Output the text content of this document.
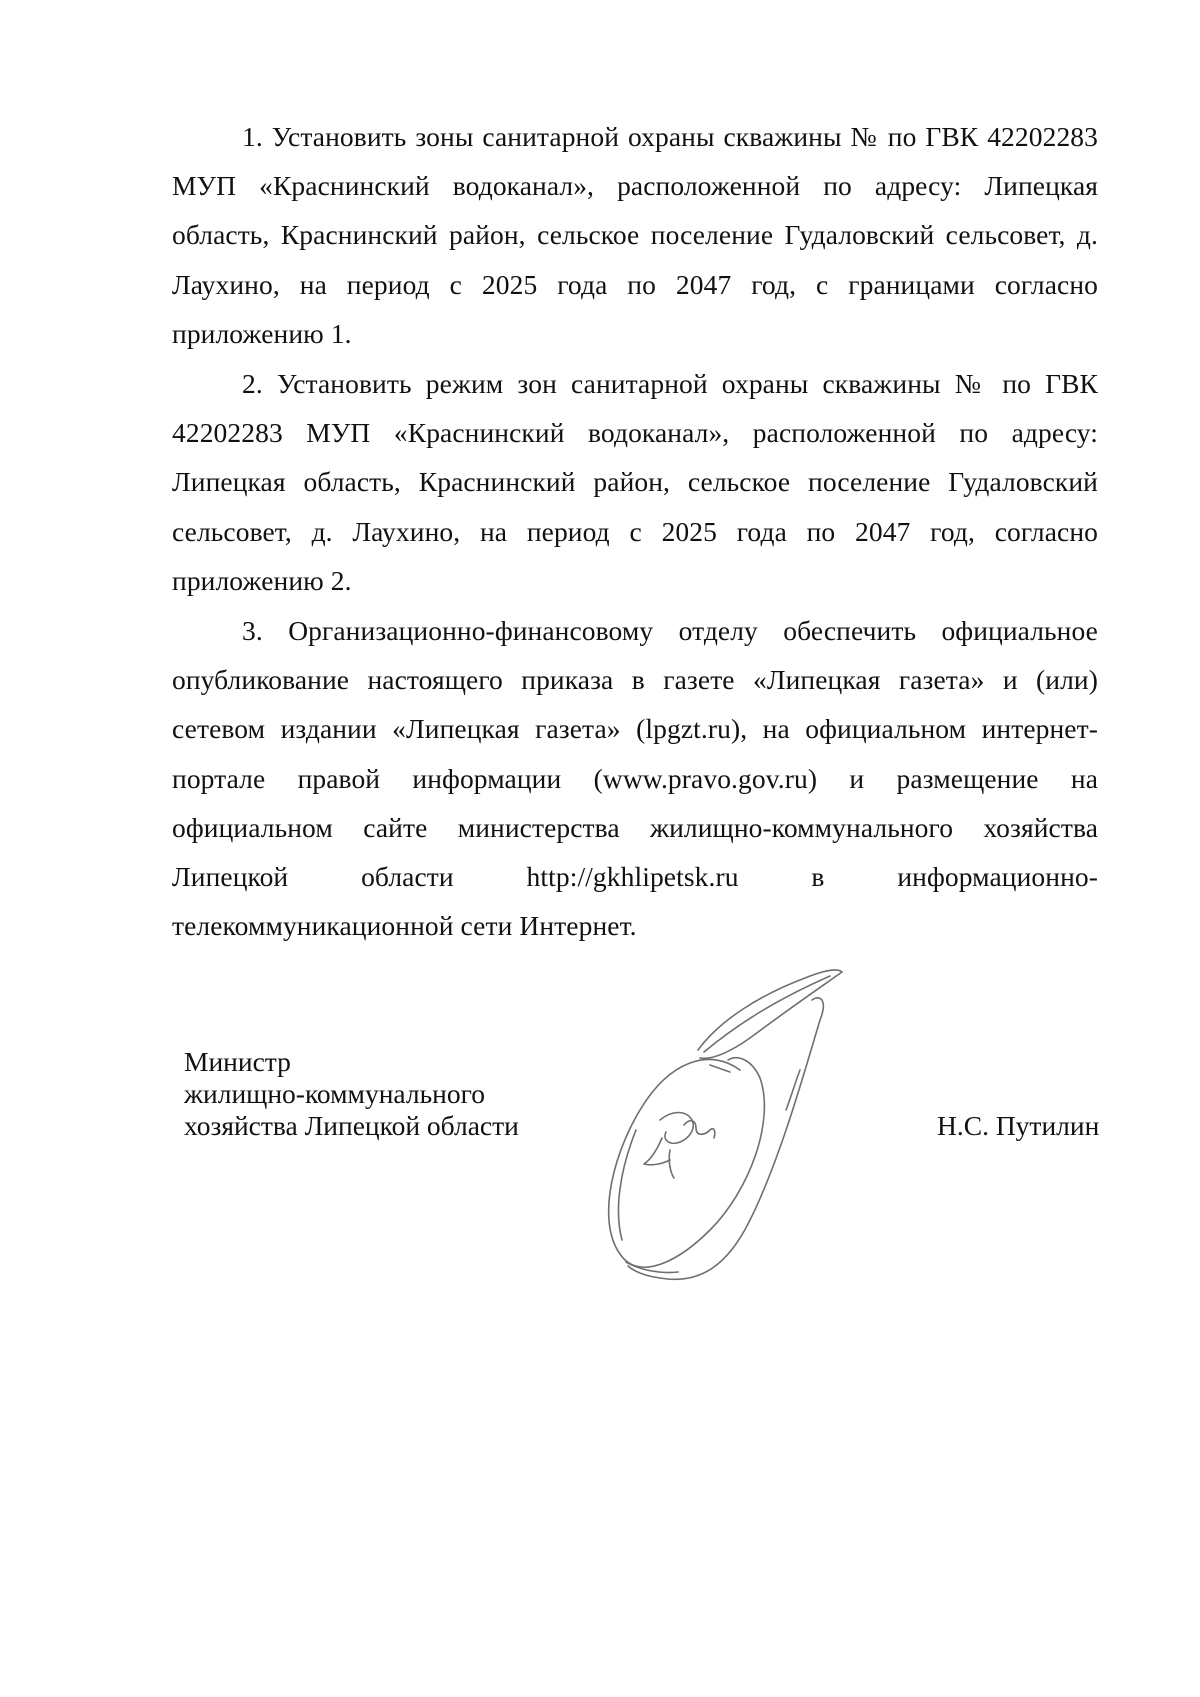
1. Установить зоны санитарной охраны скважины № по ГВК 42202283 МУП «Краснинский водоканал», расположенной по адресу: Липецкая область, Краснинский район, сельское поселение Гудаловский сельсовет, д. Лаухино, на период с 2025 года по 2047 год, с границами согласно приложению 1.

2. Установить режим зон санитарной охраны скважины № по ГВК 42202283 МУП «Краснинский водоканал», расположенной по адресу: Липецкая область, Краснинский район, сельское поселение Гудаловский сельсовет, д. Лаухино, на период с 2025 года по 2047 год, согласно приложению 2.

3. Организационно-финансовому отделу обеспечить официальное опубликование настоящего приказа в газете «Липецкая газета» и (или) сетевом издании «Липецкая газета» (lpgzt.ru), на официальном интернет-портале правой информации (www.pravo.gov.ru) и размещение на официальном сайте министерства жилищно-коммунального хозяйства Липецкой области http://gkhlipetsk.ru в информационно-телекоммуникационной сети Интернет.

Министр
жилищно-коммунального
хозяйства Липецкой области	Н.С. Путилин
